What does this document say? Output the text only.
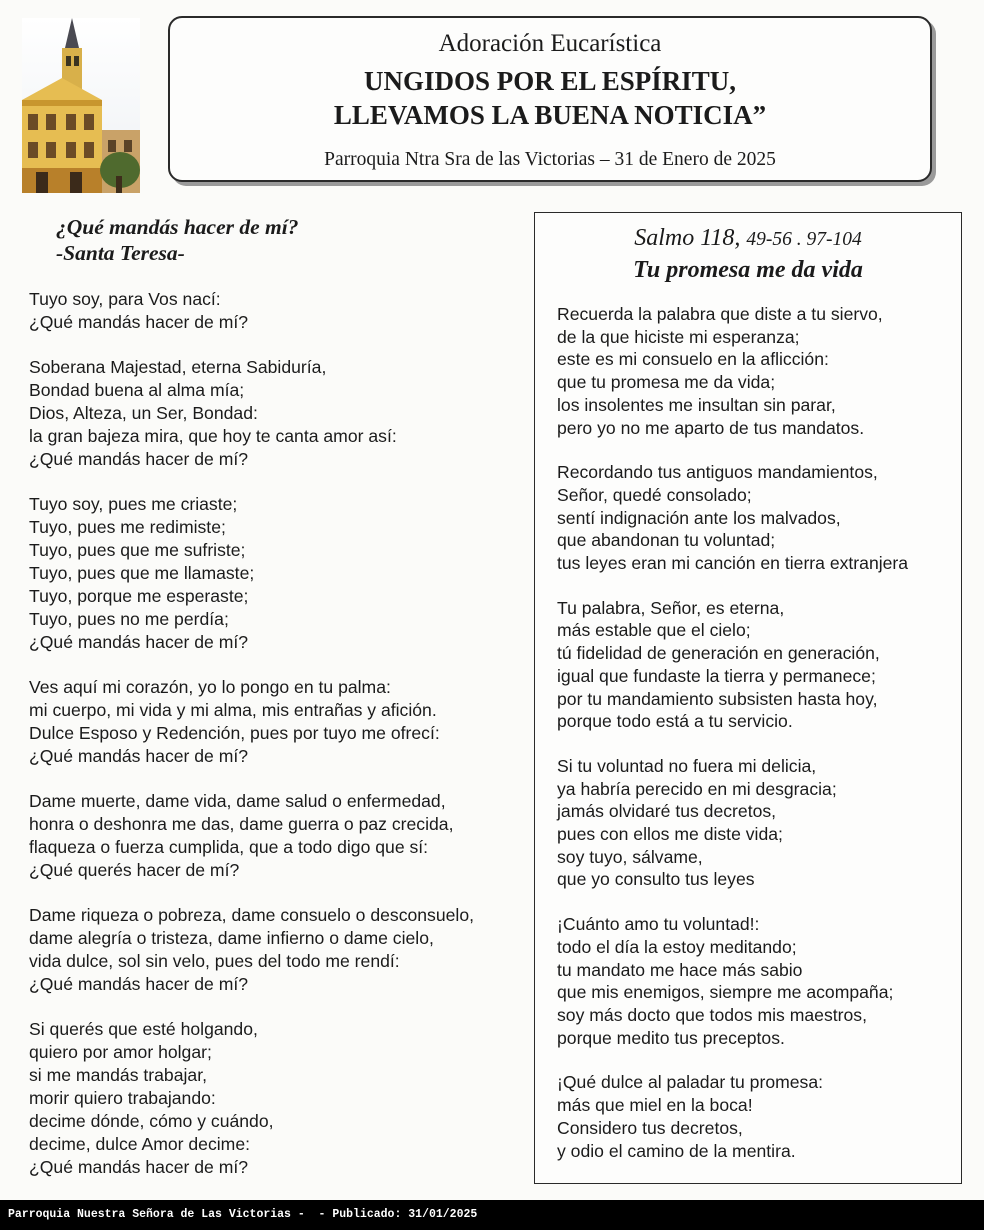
Adoración Eucarística
UNGIDOS POR EL ESPÍRITU,
LLEVAMOS LA BUENA NOTICIA”
Parroquia Ntra Sra de las Victorias – 31 de Enero de 2025
¿Qué mandás hacer de mí?
-Santa Teresa-
Tuyo soy, para Vos nací:
¿Qué mandás hacer de mí?
Soberana Majestad, eterna Sabiduría,
Bondad buena al alma mía;
Dios, Alteza, un Ser, Bondad:
la gran bajeza mira, que hoy te canta amor así:
¿Qué mandás hacer de mí?
Tuyo soy, pues me criaste;
Tuyo, pues me redimiste;
Tuyo, pues que me sufriste;
Tuyo, pues que me llamaste;
Tuyo, porque me esperaste;
Tuyo, pues no me perdía;
¿Qué mandás hacer de mí?
Ves aquí mi corazón, yo lo pongo en tu palma:
mi cuerpo, mi vida y mi alma, mis entrañas y afición.
Dulce Esposo y Redención, pues por tuyo me ofrecí:
¿Qué mandás hacer de mí?
Dame muerte, dame vida, dame salud o enfermedad,
honra o deshonra me das, dame guerra o paz crecida,
flaqueza o fuerza cumplida, que a todo digo que sí:
¿Qué querés hacer de mí?
Dame riqueza o pobreza, dame consuelo o desconsuelo,
dame alegría o tristeza, dame infierno o dame cielo,
vida dulce, sol sin velo, pues del todo me rendí:
¿Qué mandás hacer de mí?
Si querés que esté holgando,
quiero por amor holgar;
si me mandás trabajar,
morir quiero trabajando:
decime dónde, cómo y cuándo,
decime, dulce Amor decime:
¿Qué mandás hacer de mí?
Salmo 118, 49-56 . 97-104
Tu promesa me da vida
Recuerda la palabra que diste a tu siervo,
de la que hiciste mi esperanza;
este es mi consuelo en la aflicción:
que tu promesa me da vida;
los insolentes me insultan sin parar,
pero yo no me aparto de tus mandatos.
Recordando tus antiguos mandamientos,
Señor, quedé consolado;
sentí indignación ante los malvados,
que abandonan tu voluntad;
tus leyes eran mi canción en tierra extranjera
Tu palabra, Señor, es eterna,
más estable que el cielo;
tú fidelidad de generación en generación,
igual que fundaste la tierra y permanece;
por tu mandamiento subsisten hasta hoy,
porque todo está a tu servicio.
Si tu voluntad no fuera mi delicia,
ya habría perecido en mi desgracia;
jamás olvidaré tus decretos,
pues con ellos me diste vida;
soy tuyo, sálvame,
que yo consulto tus leyes
¡Cuánto amo tu voluntad!:
todo el día la estoy meditando;
tu mandato me hace más sabio
que mis enemigos, siempre me acompaña;
soy más docto que todos mis maestros,
porque medito tus preceptos.
¡Qué dulce al paladar tu promesa:
más que miel en la boca!
Considero tus decretos,
y odio el camino de la mentira.
Parroquia Nuestra Señora de Las Victorias -  - Publicado: 31/01/2025
